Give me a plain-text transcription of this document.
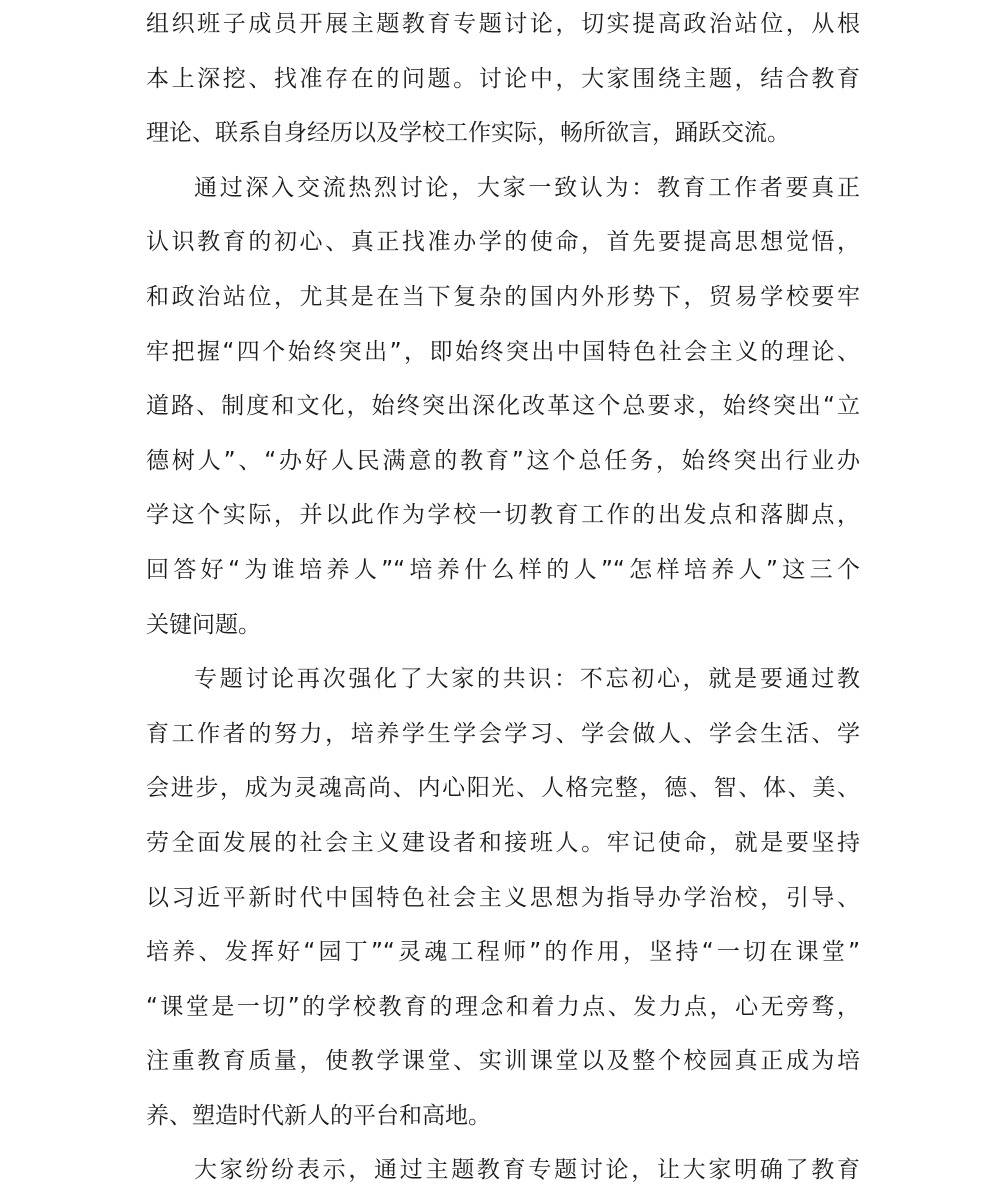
组织班子成员开展主题教育专题讨论，切实提高政治站位，从根
本上深挖、找准存在的问题。讨论中，大家围绕主题，结合教育
理论、联系自身经历以及学校工作实际，畅所欲言，踊跃交流。
通过深入交流热烈讨论，大家一致认为：教育工作者要真正
认识教育的初心、真正找准办学的使命，首先要提高思想觉悟，
和政治站位，尤其是在当下复杂的国内外形势下，贸易学校要牢
牢把握“四个始终突出”，即始终突出中国特色社会主义的理论、
道路、制度和文化，始终突出深化改革这个总要求，始终突出“立
德树人”、“办好人民满意的教育”这个总任务，始终突出行业办
学这个实际，并以此作为学校一切教育工作的出发点和落脚点，
回答好“为谁培养人”“培养什么样的人”“怎样培养人”这三个
关键问题。
专题讨论再次强化了大家的共识：不忘初心，就是要通过教
育工作者的努力，培养学生学会学习、学会做人、学会生活、学
会进步，成为灵魂高尚、内心阳光、人格完整，德、智、体、美、
劳全面发展的社会主义建设者和接班人。牢记使命，就是要坚持
以习近平新时代中国特色社会主义思想为指导办学治校，引导、
培养、发挥好“园丁”“灵魂工程师”的作用，坚持“一切在课堂”
“课堂是一切”的学校教育的理念和着力点、发力点，心无旁骛，
注重教育质量，使教学课堂、实训课堂以及整个校园真正成为培
养、塑造时代新人的平台和高地。
大家纷纷表示，通过主题教育专题讨论，让大家明确了教育
